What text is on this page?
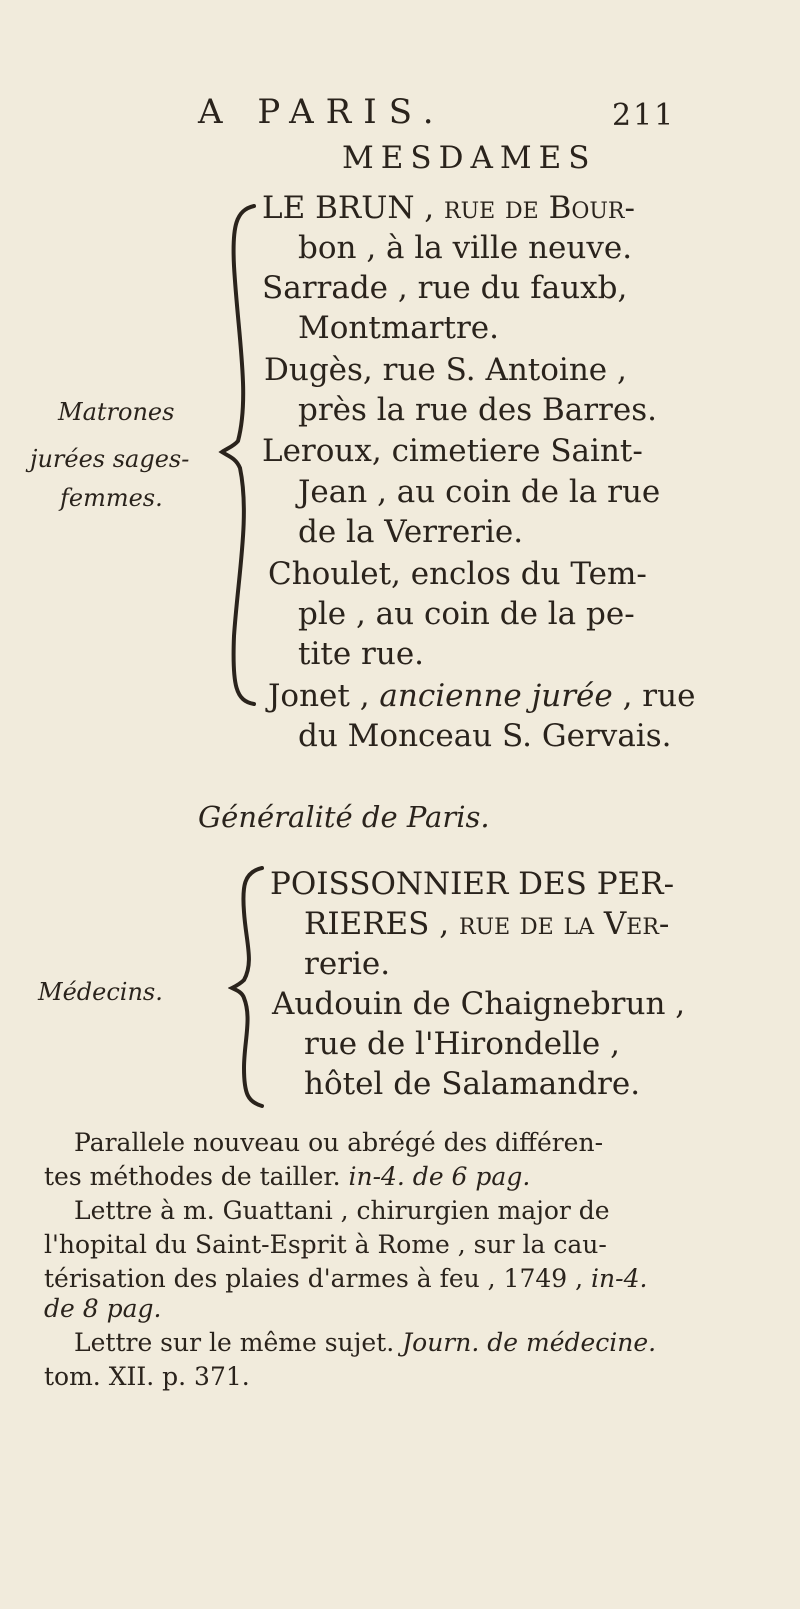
A PARIS.	211
MESDAMES
Matrones
jurées sages-
femmes.
LE BRUN , rue de Bour-
bon , à la ville neuve.
Sarrade , rue du fauxb,
Montmartre.
Dugès, rue S. Antoine ,
près la rue des Barres.
Leroux, cimetiere Saint-
Jean , au coin de la rue
de la Verrerie.
Choulet, enclos du Tem-
ple , au coin de la pe-
tite rue.
Jonet , ancienne jurée , rue
du Monceau S. Gervais.
Généralité de Paris.
Médecins.
POISSONNIER DES PER-
RIERES , rue de la Ver-
rerie.
Audouin de Chaignebrun ,
rue de l'Hirondelle ,
hôtel de Salamandre.
Parallele nouveau ou abrégé des différen-
tes méthodes de tailler. in-4. de 6 pag.
Lettre à m. Guattani , chirurgien major de
l'hopital du Saint-Esprit à Rome , sur la cau-
térisation des plaies d'armes à feu , 1749 , in-4.
de 8 pag.
Lettre sur le même sujet. Journ. de médecine.
tom. XII. p. 371.
